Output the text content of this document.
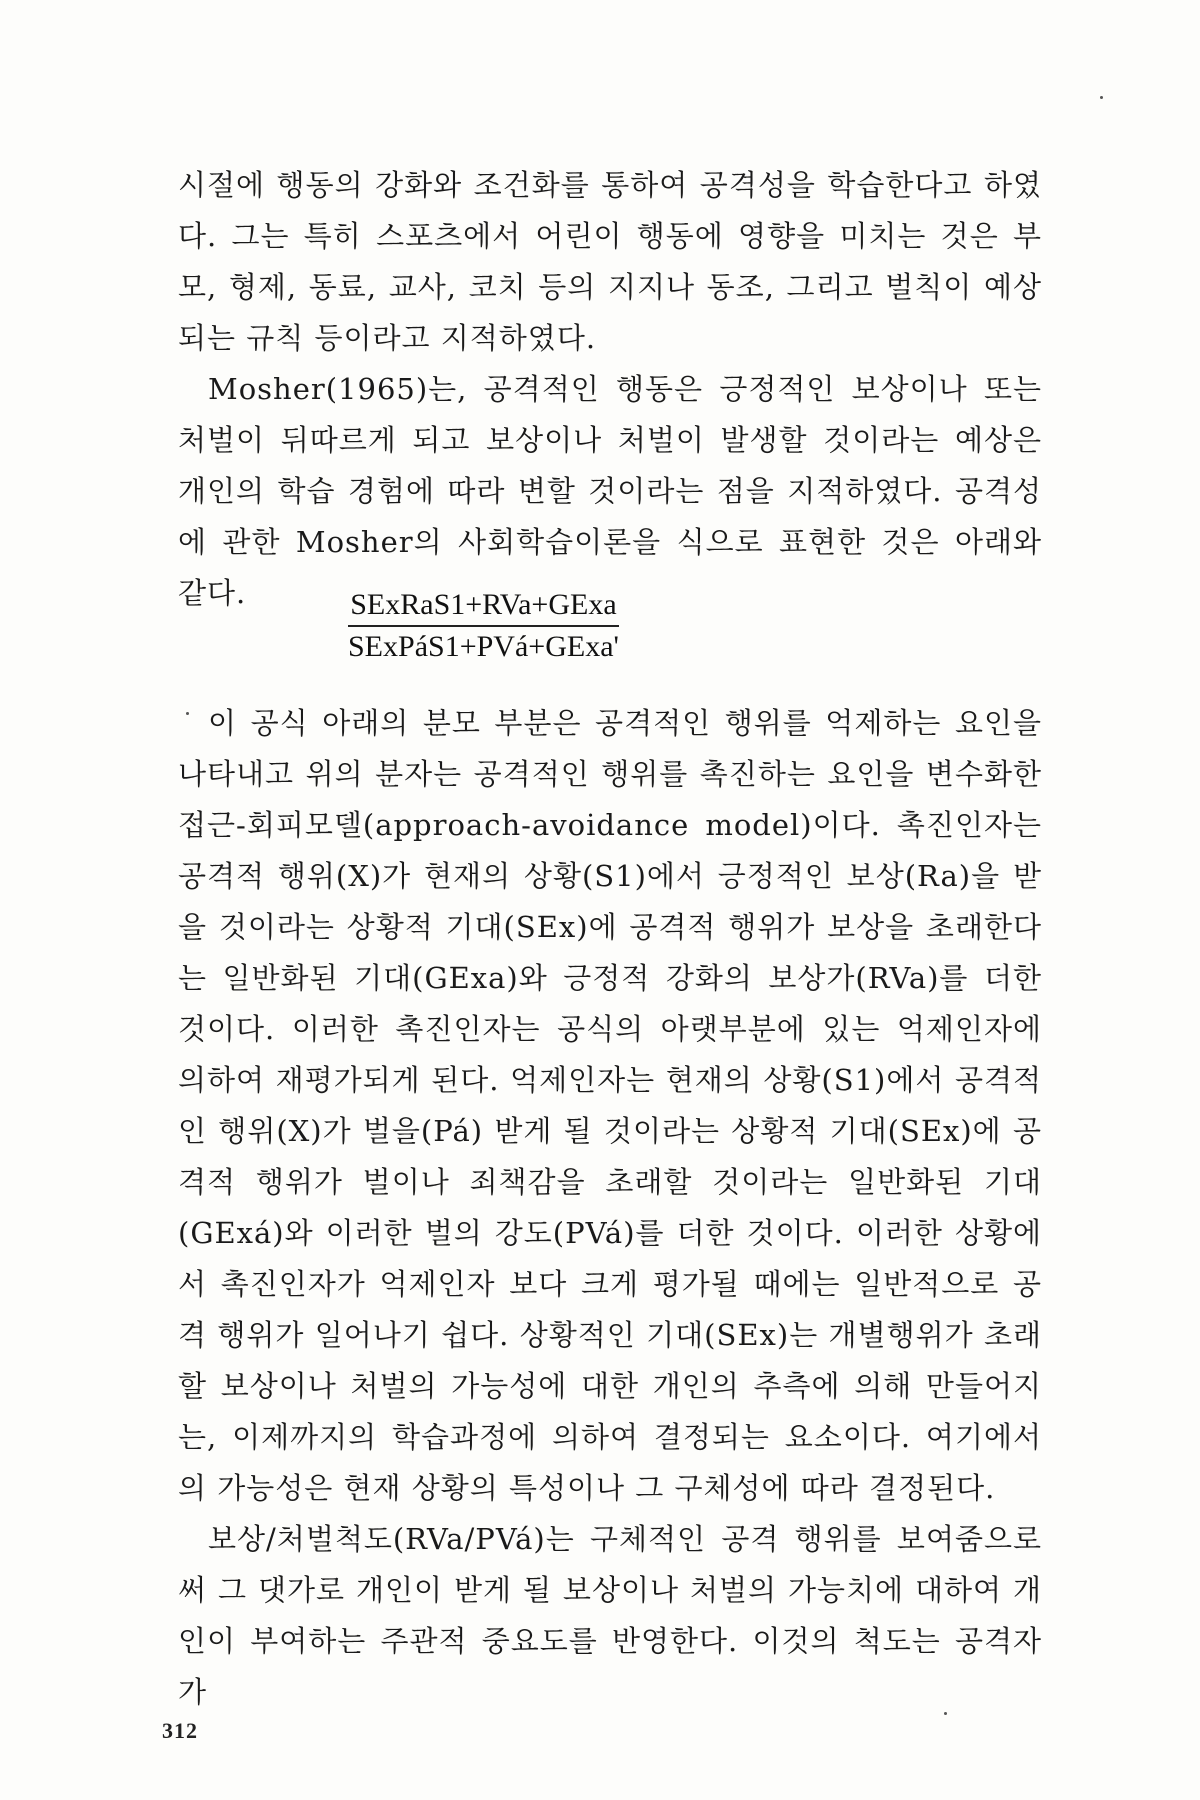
시절에 행동의 강화와 조건화를 통하여 공격성을 학습한다고 하였다. 그는 특히 스포츠에서 어린이 행동에 영향을 미치는 것은 부모, 형제, 동료, 교사, 코치 등의 지지나 동조, 그리고 벌칙이 예상되는 규칙 등이라고 지적하였다.

Mosher(1965)는, 공격적인 행동은 긍정적인 보상이나 또는 처벌이 뒤따르게 되고 보상이나 처벌이 발생할 것이라는 예상은 개인의 학습 경험에 따라 변할 것이라는 점을 지적하였다. 공격성에 관한 Mosher의 사회학습이론을 식으로 표현한 것은 아래와 같다.	$\frac{\text{SExRaS1+RVa+GExa}}{\text{SExPáS1+PVá+GExa'}}$

이 공식 아래의 분모 부분은 공격적인 행위를 억제하는 요인을 나타내고 위의 분자는 공격적인 행위를 촉진하는 요인을 변수화한 접근-회피모델(approach-avoidance model)이다. 촉진인자는 공격적 행위(X)가 현재의 상황(S1)에서 긍정적인 보상(Ra)을 받을 것이라는 상황적 기대(SEx)에 공격적 행위가 보상을 초래한다는 일반화된 기대(GExa)와 긍정적 강화의 보상가(RVa)를 더한 것이다. 이러한 촉진인자는 공식의 아랫부분에 있는 억제인자에 의하여 재평가되게 된다. 억제인자는 현재의 상황(S1)에서 공격적인 행위(X)가 벌을(Pá) 받게 될 것이라는 상황적 기대(SEx)에 공격적 행위가 벌이나 죄책감을 초래할 것이라는 일반화된 기대(GExá)와 이러한 벌의 강도(PVá)를 더한 것이다. 이러한 상황에서 촉진인자가 억제인자 보다 크게 평가될 때에는 일반적으로 공격 행위가 일어나기 쉽다. 상황적인 기대(SEx)는 개별행위가 초래할 보상이나 처벌의 가능성에 대한 개인의 추측에 의해 만들어지는, 이제까지의 학습과정에 의하여 결정되는 요소이다. 여기에서의 가능성은 현재 상황의 특성이나 그 구체성에 따라 결정된다.

보상/처벌척도(RVa/PVá)는 구체적인 공격 행위를 보여줌으로써 그 댓가로 개인이 받게 될 보상이나 처벌의 가능치에 대하여 개인이 부여하는 주관적 중요도를 반영한다. 이것의 척도는 공격자가

312
